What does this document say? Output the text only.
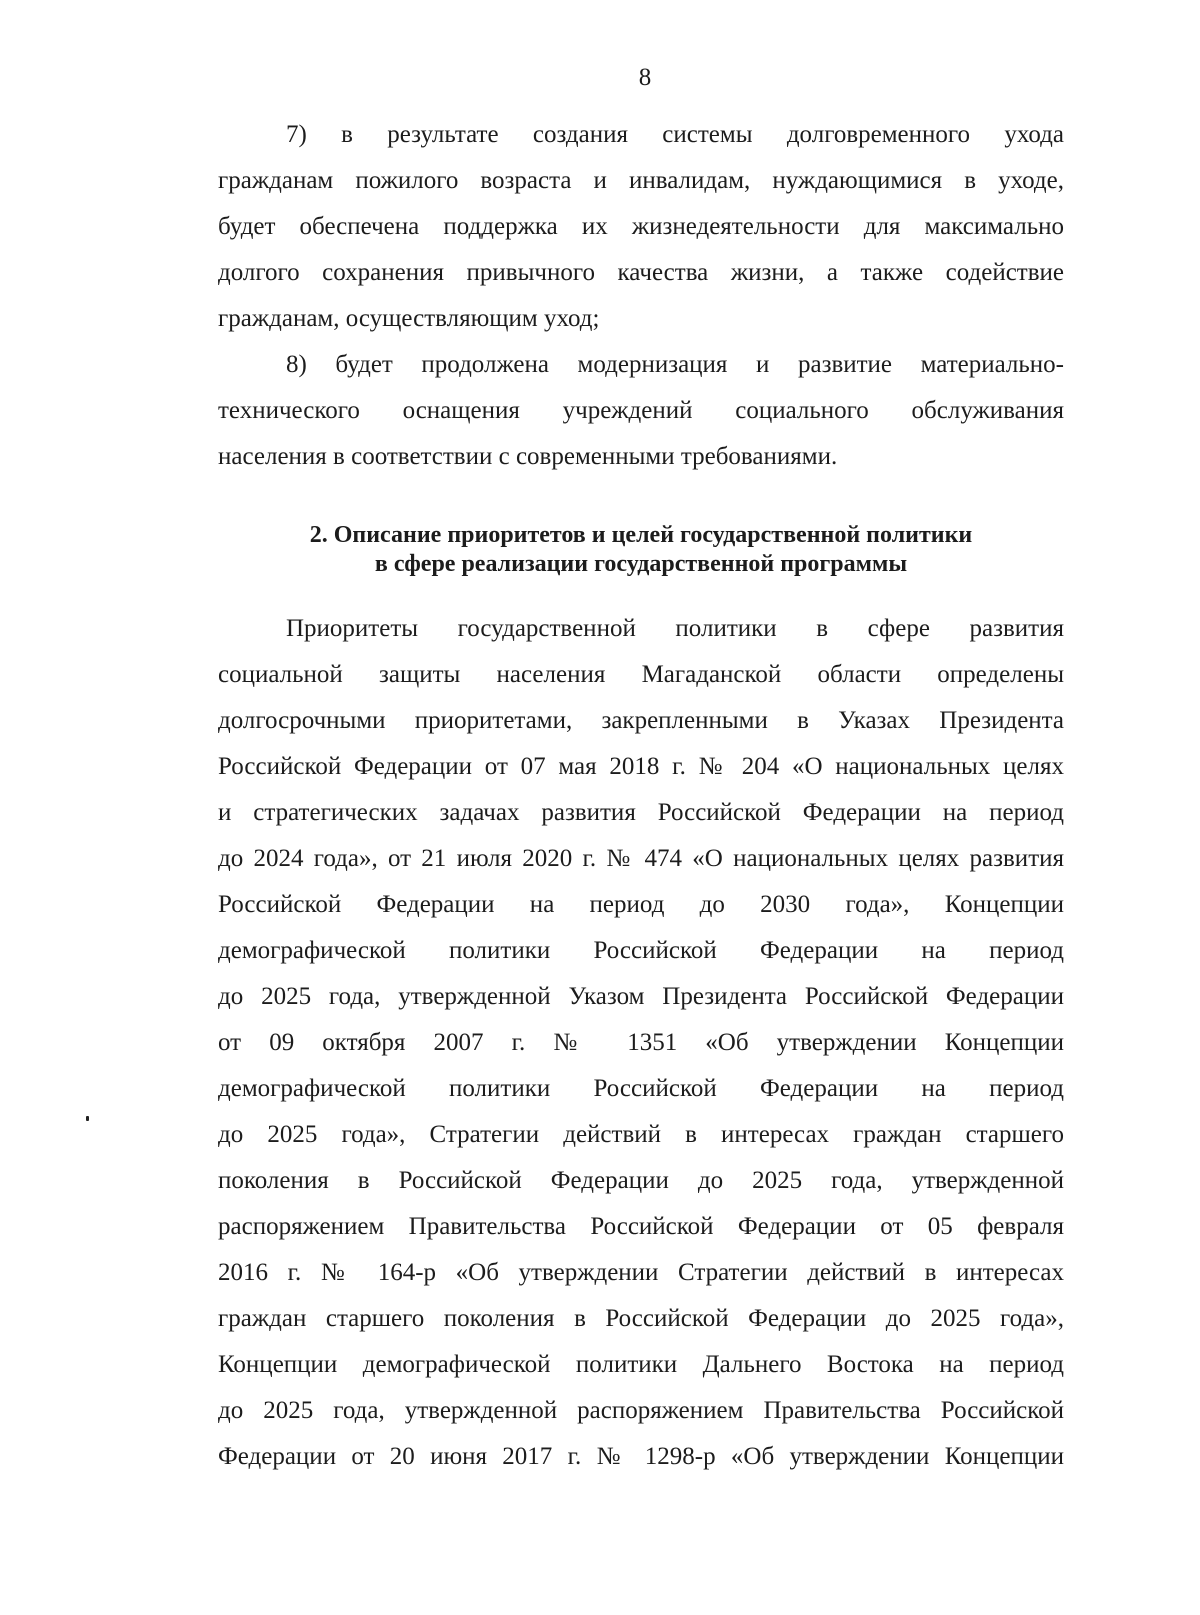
8
7) в результате создания системы долговременного ухода
гражданам пожилого возраста и инвалидам, нуждающимися в уходе,
будет обеспечена поддержка их жизнедеятельности для максимально
долгого сохранения привычного качества жизни, а также содействие
гражданам, осуществляющим уход;
8) будет продолжена модернизация и развитие материально-
технического оснащения учреждений социального обслуживания
населения в соответствии с современными требованиями.
2. Описание приоритетов и целей государственной политики
в сфере реализации государственной программы
Приоритеты государственной политики в сфере развития
социальной защиты населения Магаданской области определены
долгосрочными приоритетами, закрепленными в Указах Президента
Российской Федерации от 07 мая 2018 г. № 204 «О национальных целях
и стратегических задачах развития Российской Федерации на период
до 2024 года», от 21 июля 2020 г. № 474 «О национальных целях развития
Российской Федерации на период до 2030 года», Концепции
демографической политики Российской Федерации на период
до 2025 года, утвержденной Указом Президента Российской Федерации
от 09 октября 2007 г. № 1351 «Об утверждении Концепции
демографической политики Российской Федерации на период
до 2025 года», Стратегии действий в интересах граждан старшего
поколения в Российской Федерации до 2025 года, утвержденной
распоряжением Правительства Российской Федерации от 05 февраля
2016 г. № 164-р «Об утверждении Стратегии действий в интересах
граждан старшего поколения в Российской Федерации до 2025 года»,
Концепции демографической политики Дальнего Востока на период
до 2025 года, утвержденной распоряжением Правительства Российской
Федерации от 20 июня 2017 г. № 1298-р «Об утверждении Концепции
